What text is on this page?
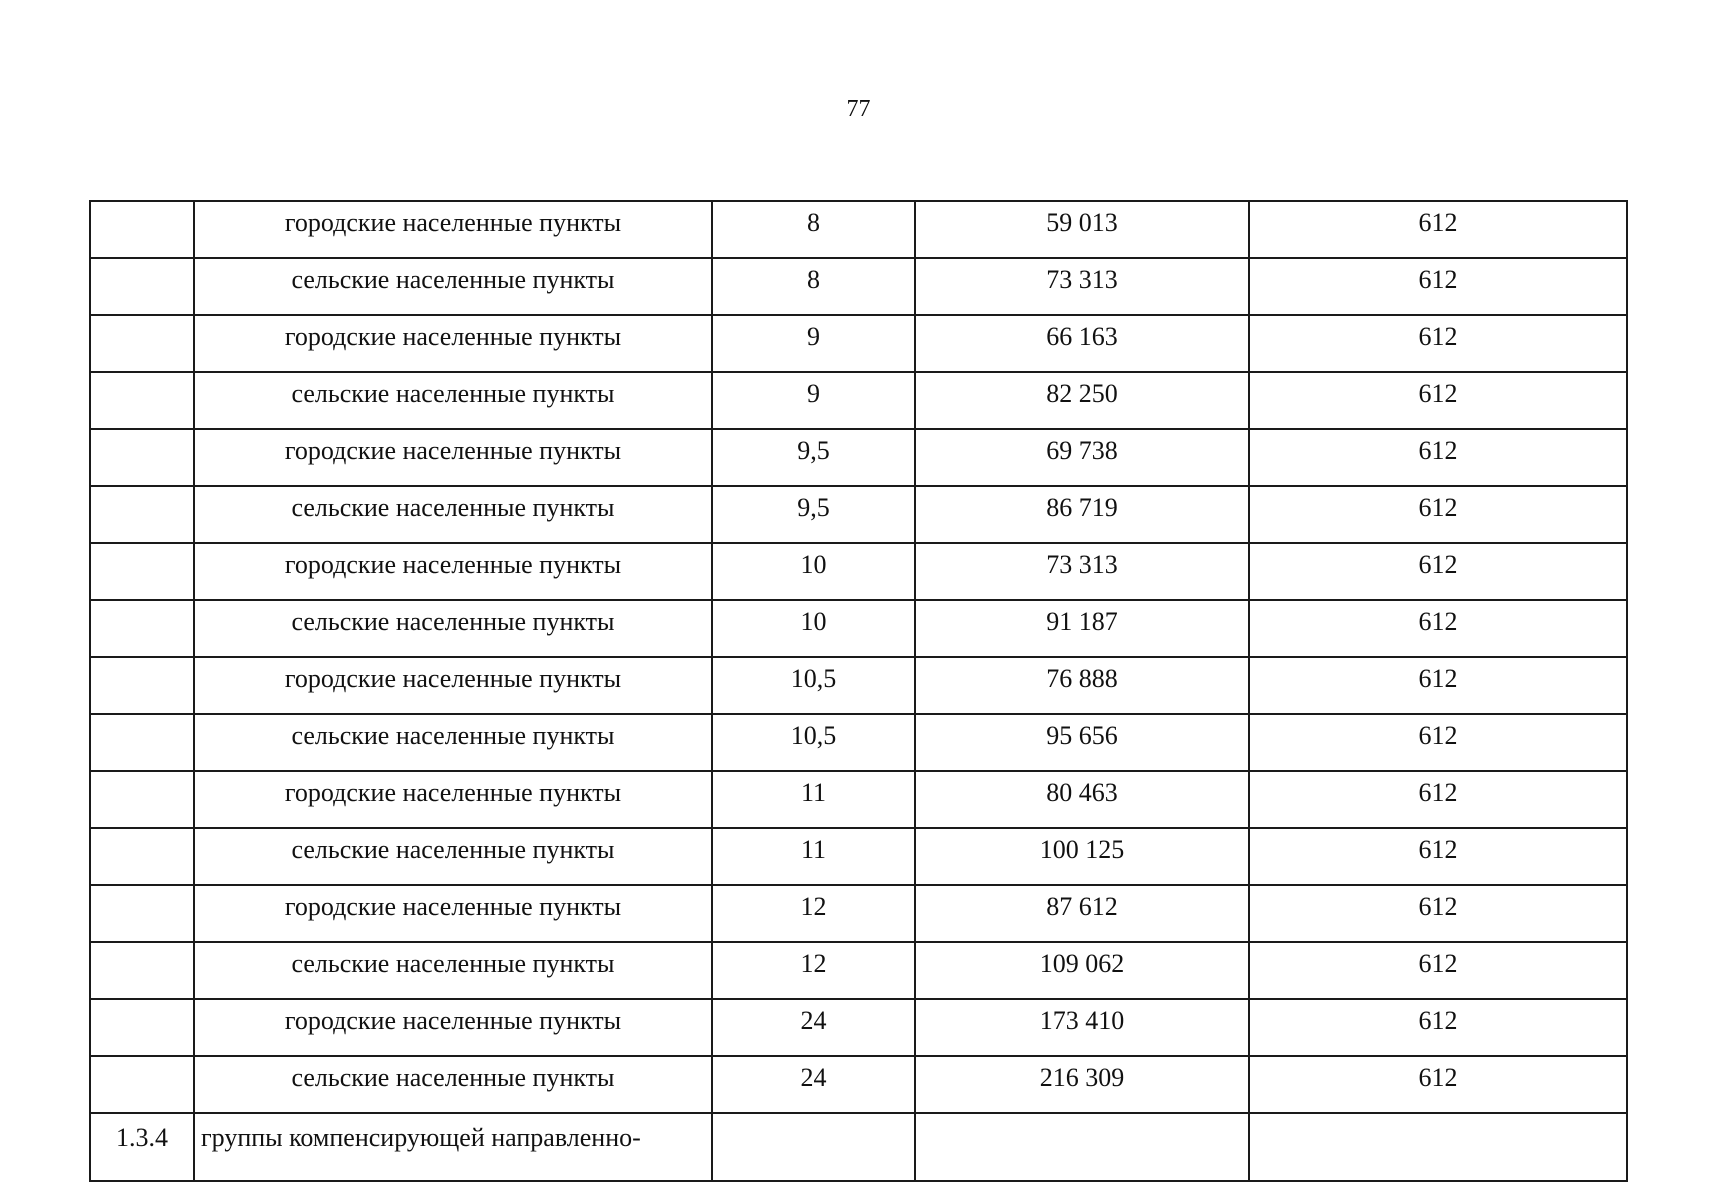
77
	городские населенные пункты	8	59 013	612
	сельские населенные пункты	8	73 313	612
	городские населенные пункты	9	66 163	612
	сельские населенные пункты	9	82 250	612
	городские населенные пункты	9,5	69 738	612
	сельские населенные пункты	9,5	86 719	612
	городские населенные пункты	10	73 313	612
	сельские населенные пункты	10	91 187	612
	городские населенные пункты	10,5	76 888	612
	сельские населенные пункты	10,5	95 656	612
	городские населенные пункты	11	80 463	612
	сельские населенные пункты	11	100 125	612
	городские населенные пункты	12	87 612	612
	сельские населенные пункты	12	109 062	612
	городские населенные пункты	24	173 410	612
	сельские населенные пункты	24	216 309	612
1.3.4	группы компенсирующей направленно-			
